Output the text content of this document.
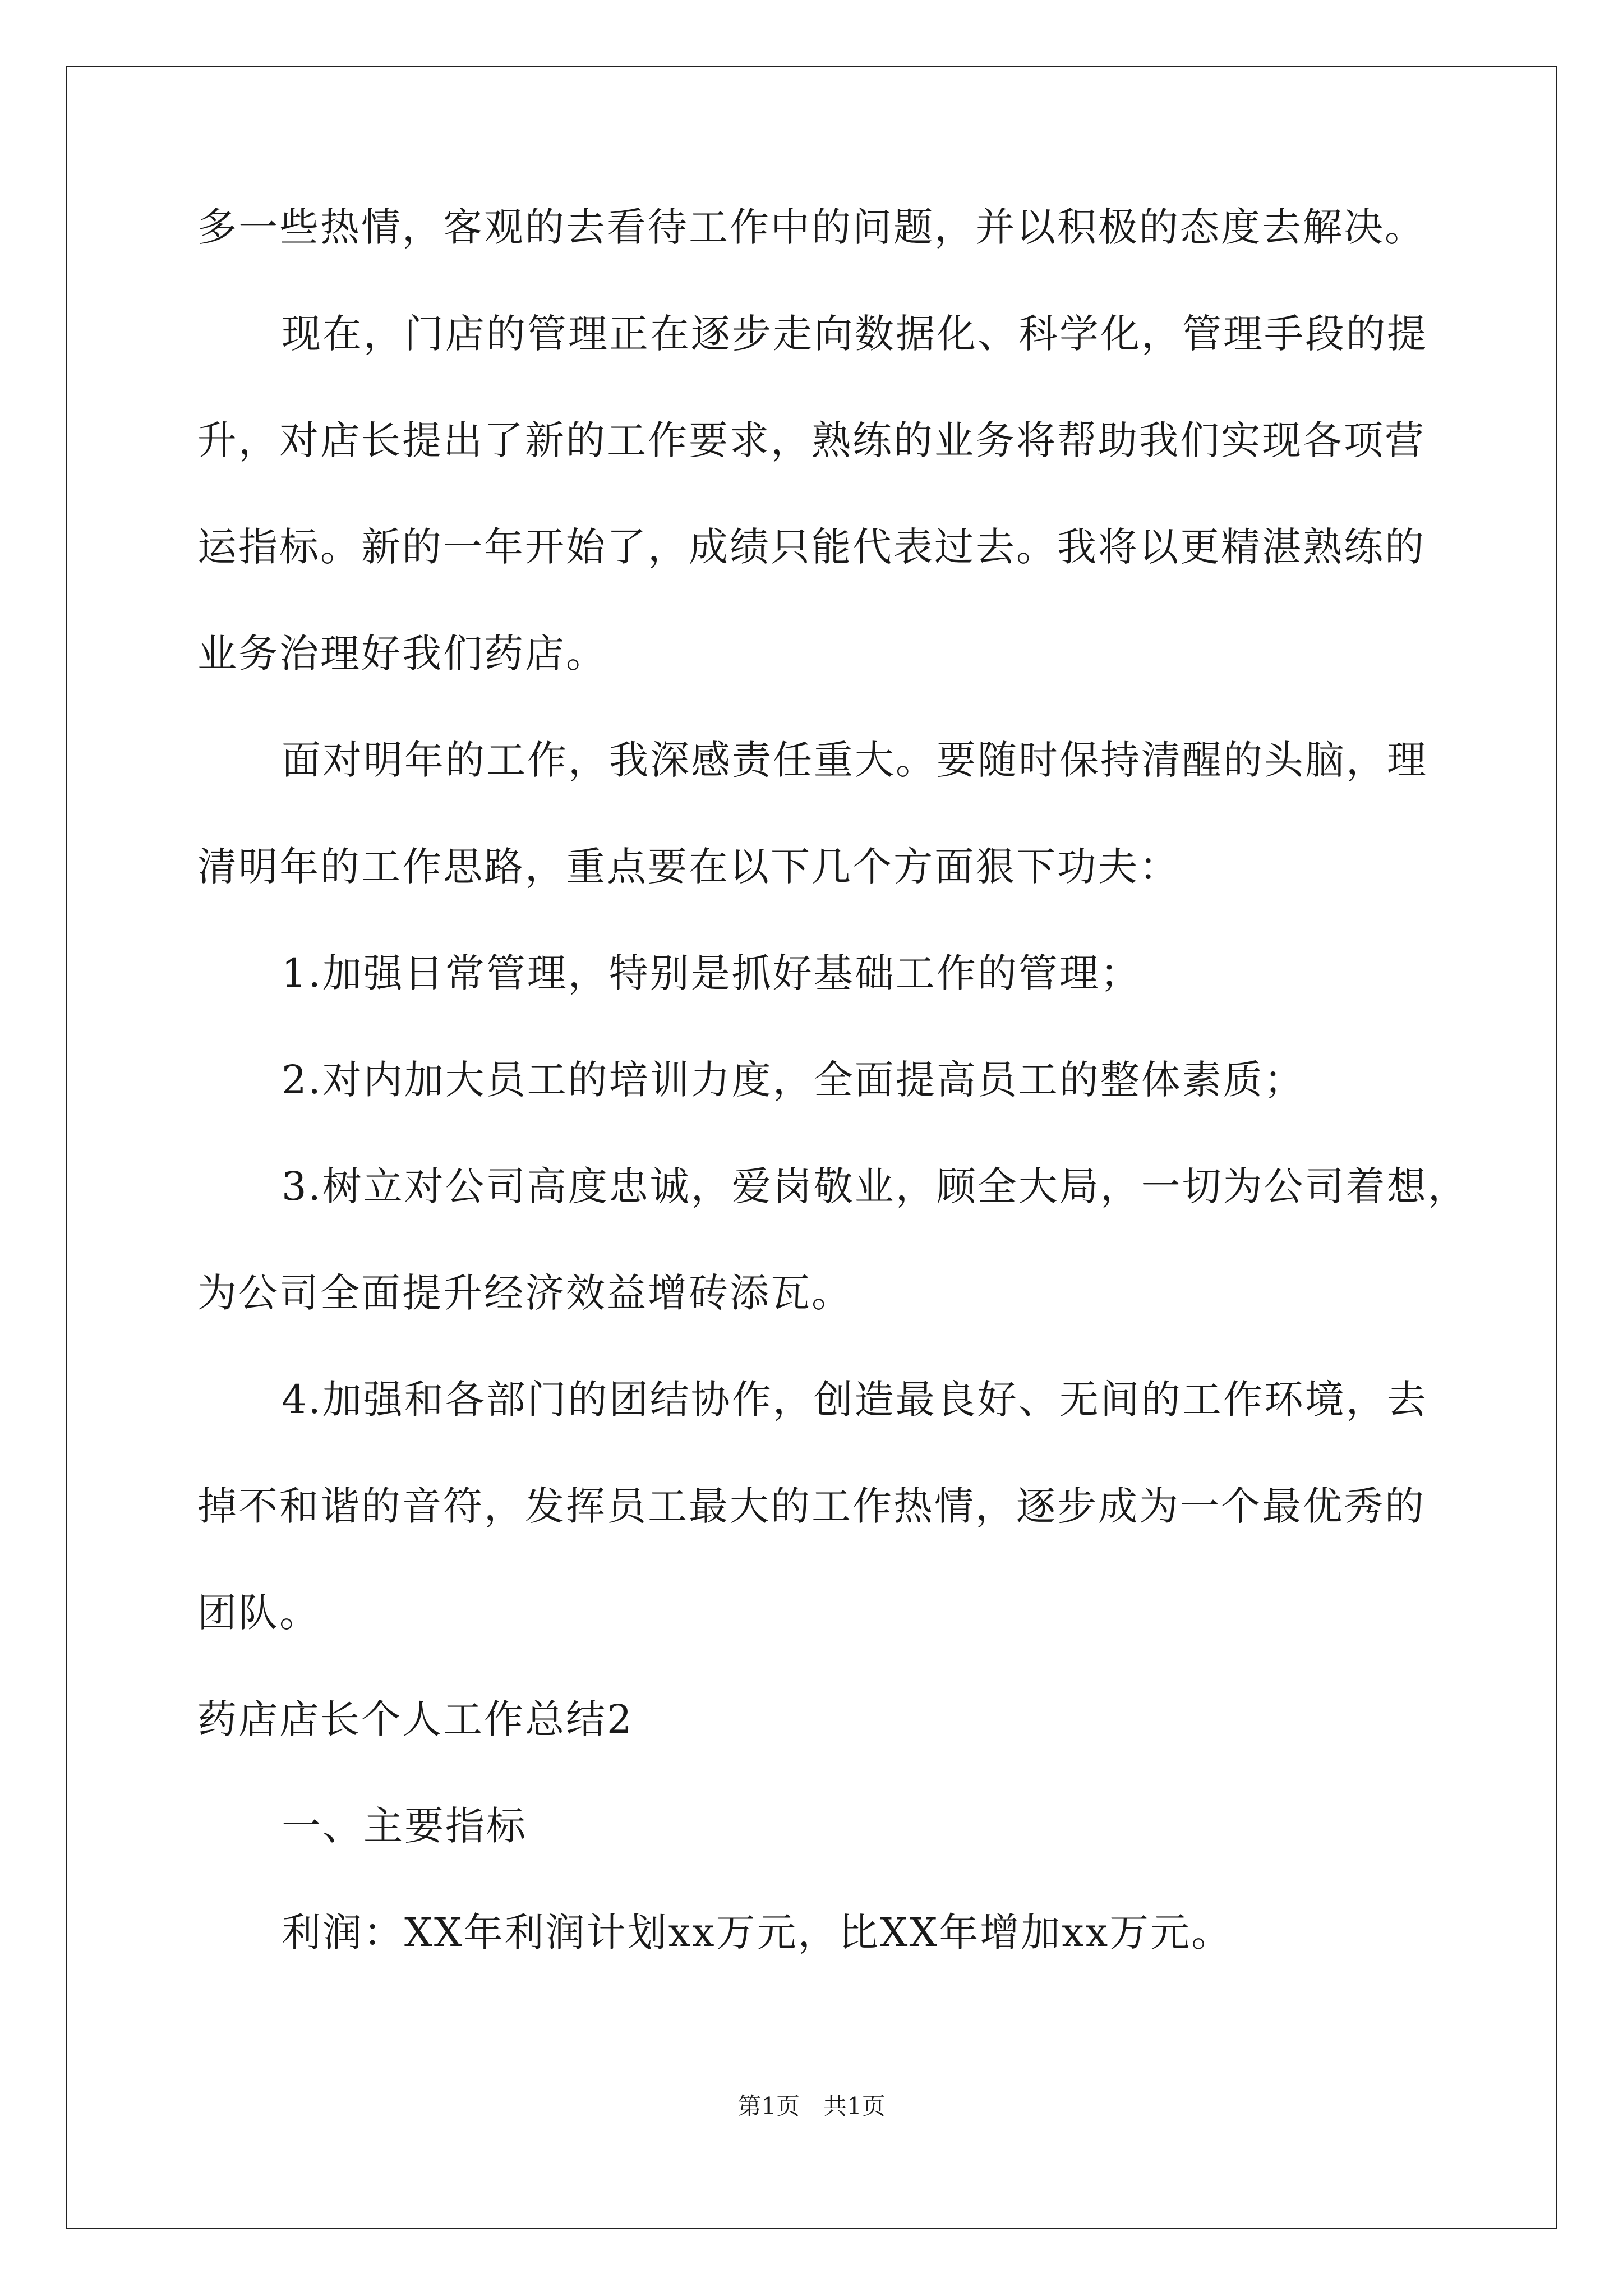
多一些热情，客观的去看待工作中的问题，并以积极的态度去解决。
现在，门店的管理正在逐步走向数据化、科学化，管理手段的提
升，对店长提出了新的工作要求，熟练的业务将帮助我们实现各项营
运指标。新的一年开始了，成绩只能代表过去。我将以更精湛熟练的
业务治理好我们药店。
面对明年的工作，我深感责任重大。要随时保持清醒的头脑，理
清明年的工作思路，重点要在以下几个方面狠下功夫：
1.加强日常管理，特别是抓好基础工作的管理；
2.对内加大员工的培训力度，全面提高员工的整体素质；
3.树立对公司高度忠诚，爱岗敬业，顾全大局，一切为公司着想，
为公司全面提升经济效益增砖添瓦。
4.加强和各部门的团结协作，创造最良好、无间的工作环境，去
掉不和谐的音符，发挥员工最大的工作热情，逐步成为一个最优秀的
团队。
药店店长个人工作总结2
一、主要指标
利润：XX年利润计划xx万元，比XX年增加xx万元。
第1页　共1页
